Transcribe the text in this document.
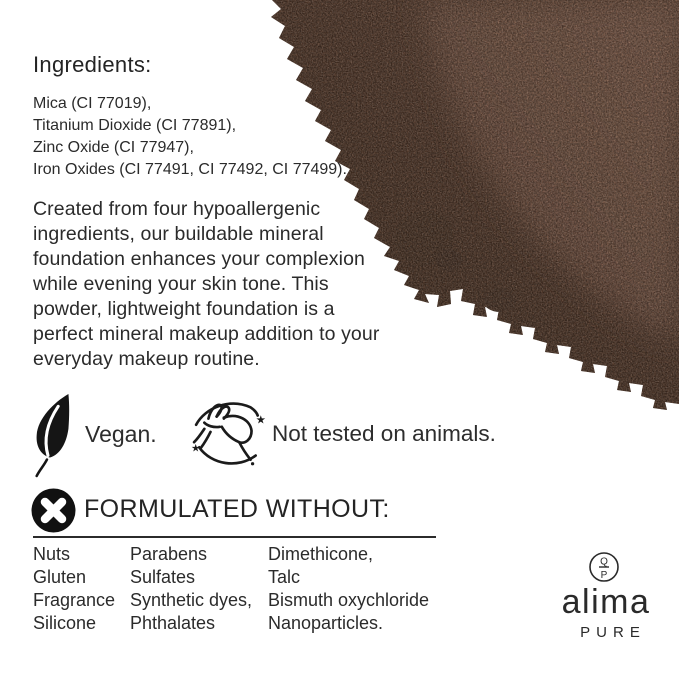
Ingredients:
Mica (CI 77019),
Titanium Dioxide (CI 77891),
Zinc Oxide (CI 77947),
Iron Oxides (CI 77491, CI 77492, CI 77499).
Created from four hypoallergenic
ingredients, our buildable mineral
foundation enhances your complexion
while evening your skin tone. This
powder, lightweight foundation is a
perfect mineral makeup addition to your
everyday makeup routine.
Vegan.
★
★
Not tested on animals.
FORMULATED WITHOUT:
Nuts
Gluten
Fragrance
Silicone
Parabens
Sulfates
Synthetic dyes,
Phthalates
Dimethicone,
Talc
Bismuth oxychloride
Nanoparticles.
Q
P
alima
PURE
